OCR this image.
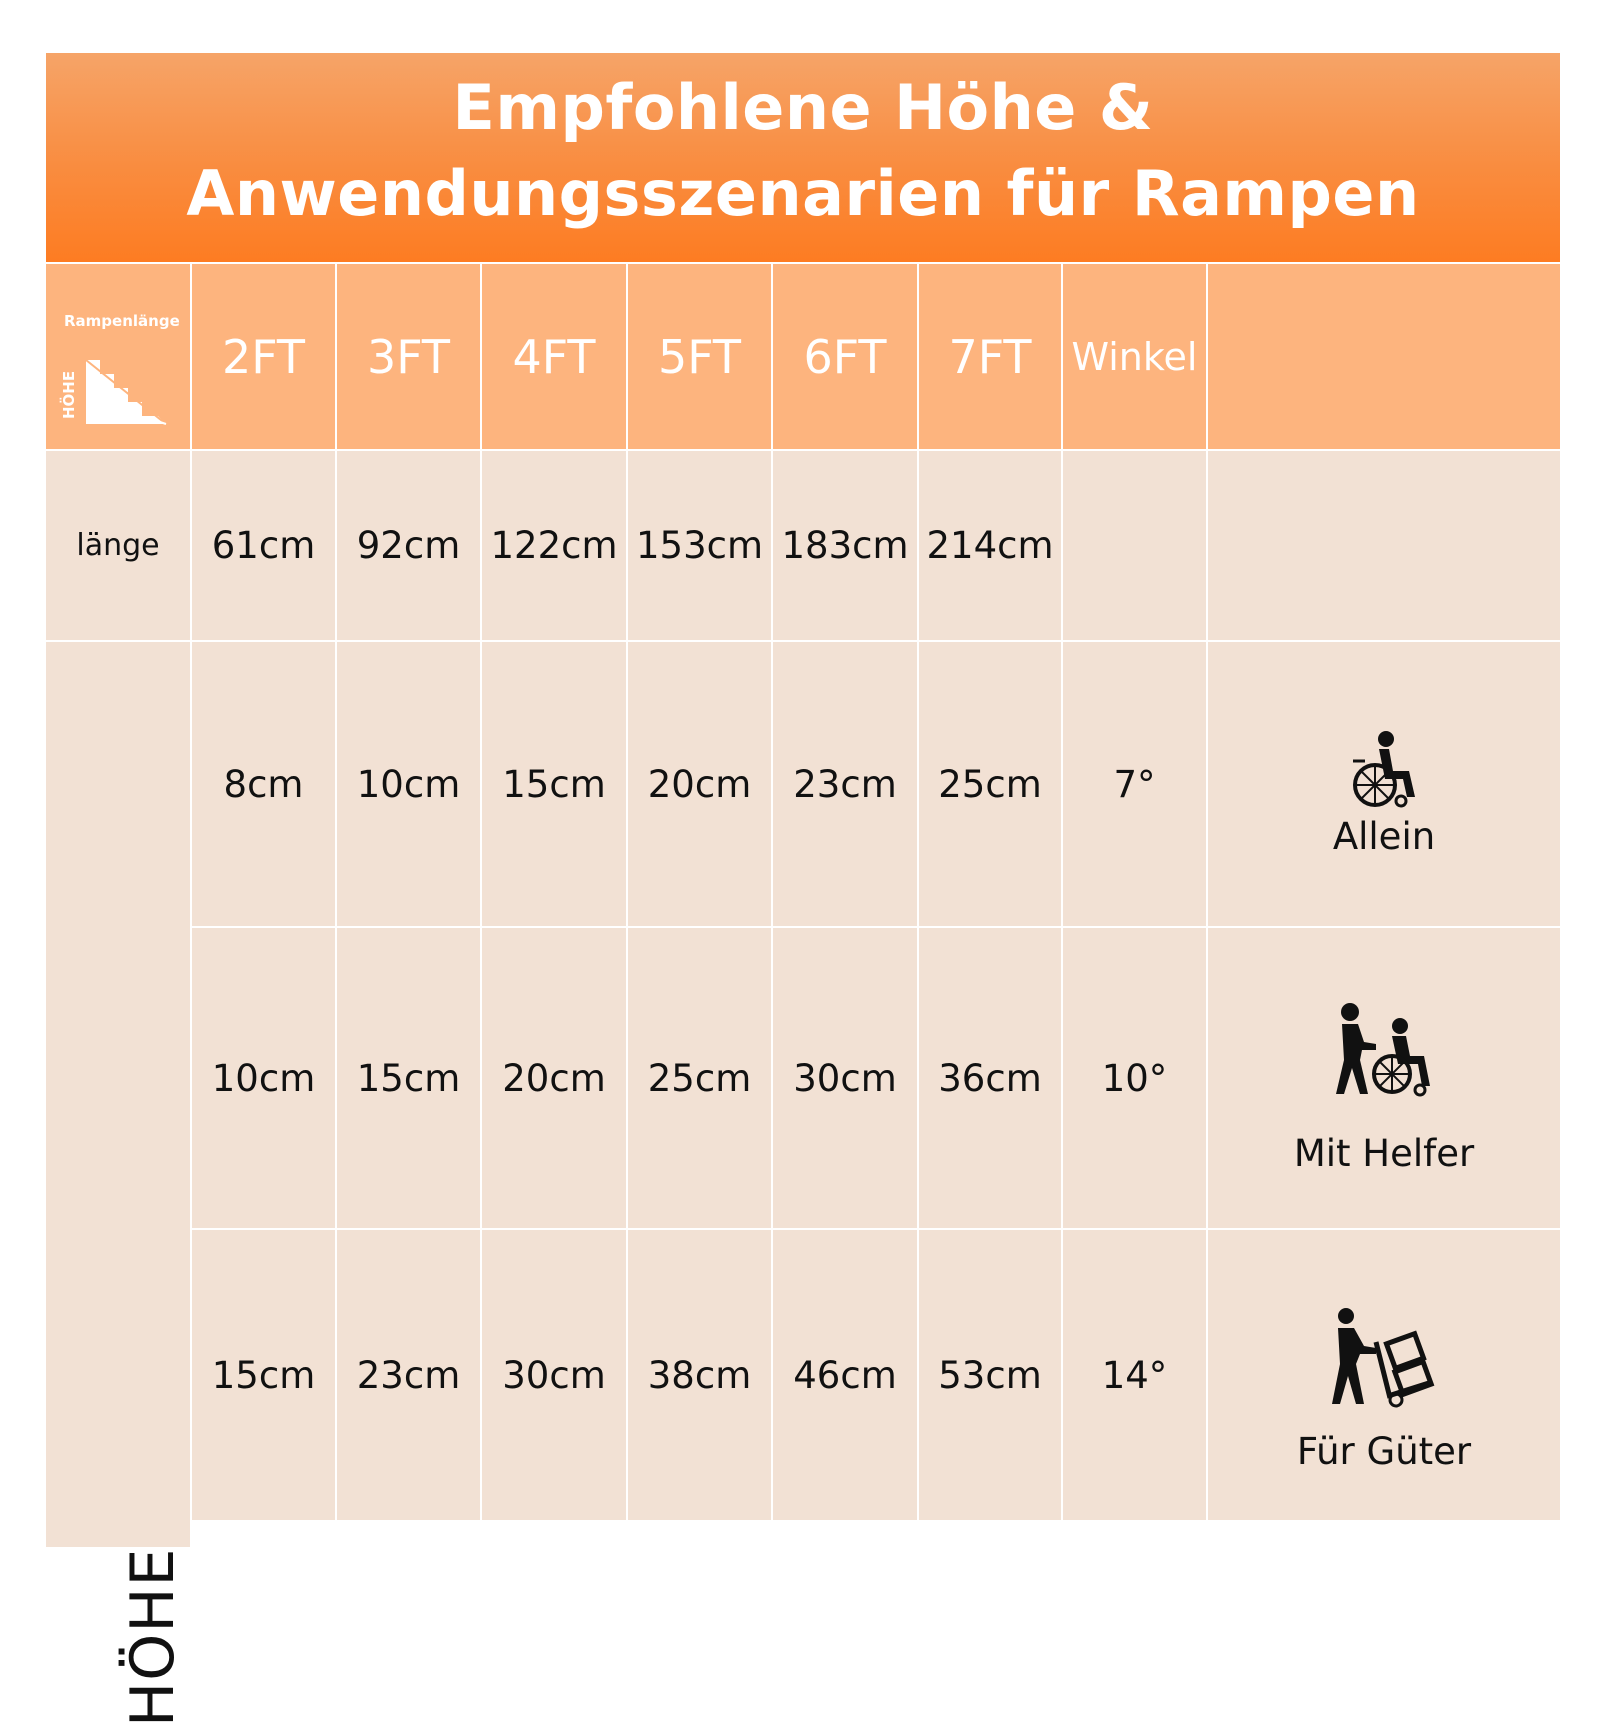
Empfohlene Höhe &
Anwendungsszenarien für Rampen
Rampenlänge
HÖHE
2FT	3FT	4FT	5FT	6FT	7FT	Winkel
länge	61cm	92cm 122cm 153cm 183cm 214cm
HÖHE
8cm	10cm	15cm	20cm	23cm	25cm	7°
Allein
10cm	15cm	20cm	25cm	30cm	36cm	10°
Mit Helfer
15cm	23cm	30cm	38cm	46cm	53cm	14°
Für Güter
